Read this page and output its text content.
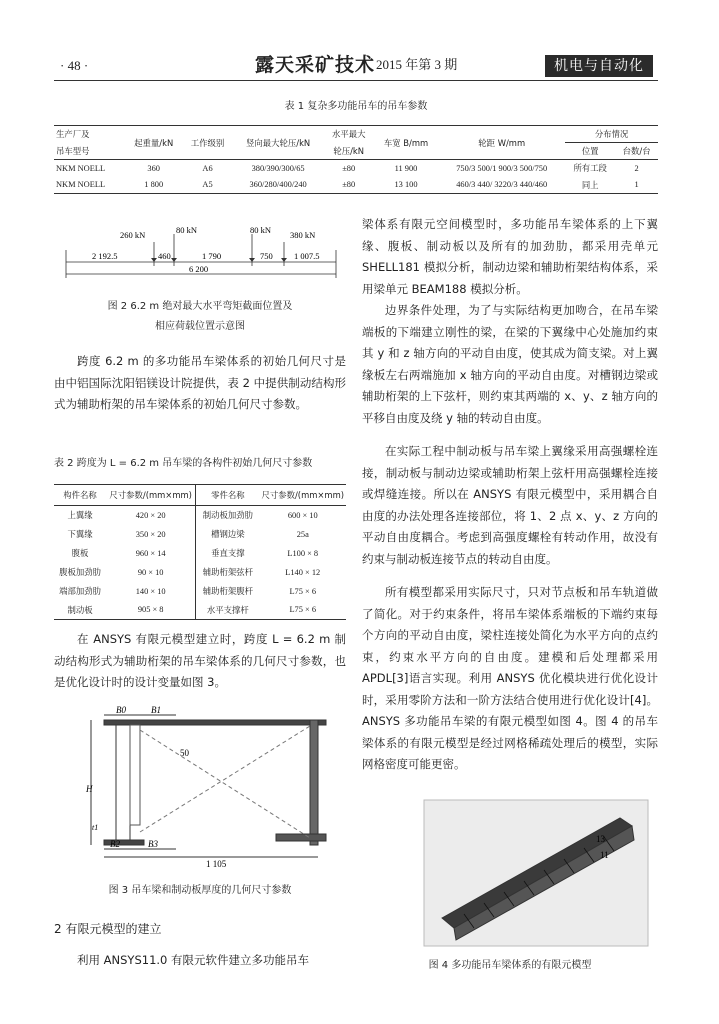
· 48 ·	露天采矿技术 2015 年第 3 期	机电与自动化
表 1 复杂多功能吊车的吊车参数
生产厂及	起重量/kN	工作级别	竖向最大轮压/kN	水平最大	车宽 B/mm	轮距 W/mm	分布情况	
吊车型号				轮压/kN			位置	台数/台
NKM NOELL	360	A6	380/390/300/65	±80	11 900	750/3 500/1 900/3 500/750	所有工段	2
NKM NOELL	1 800	A5	360/280/400/240	±80	13 100	460/3 440/ 3220/3 440/460	同上	1
260 kN	80 kN	80 kN 380 kN
2 192.5	460	1 790	750	1 007.5
6 200
图 2 6.2 m 绝对最大水平弯矩截面位置及
相应荷载位置示意图
跨度 6.2 m 的多功能吊车梁体系的初始几何尺寸是由中铝国际沈阳铝镁设计院提供，表 2 中提供制动结构形式为辅助桁架的吊车梁体系的初始几何尺寸参数。
表 2 跨度为 L = 6.2 m 吊车梁的各构件初始几何尺寸参数
构件名称	尺寸参数/(mm×mm)	零件名称	尺寸参数/(mm×mm)
上翼缘	420 × 20	制动板加劲肋	600 × 10
下翼缘	350 × 20	槽钢边梁	25a
腹板	960 × 14	垂直支撑	L100 × 8
腹板加劲肋	90 × 10	辅助桁架弦杆	L140 × 12
端部加劲肋	140 × 10	辅助桁架腹杆	L75 × 6
制动板	905 × 8	水平支撑杆	L75 × 6
在 ANSYS 有限元模型建立时，跨度 L = 6.2 m 制动结构形式为辅助桁架的吊车梁体系的几何尺寸参数，也是优化设计时的设计变量如图 3。
B0	B1
50
H
t1
B2	B3
1 105
图 3 吊车梁和制动板厚度的几何尺寸参数
2 有限元模型的建立
利用 ANSYS11.0 有限元软件建立多功能吊车
梁体系有限元空间模型时，多功能吊车梁体系的上下翼缘、腹板、制动板以及所有的加劲肋，都采用壳单元 SHELL181 模拟分析，制动边梁和辅助桁架结构体系，采用梁单元 BEAM188 模拟分析。
边界条件处理，为了与实际结构更加吻合，在吊车梁端板的下端建立刚性的梁，在梁的下翼缘中心处施加约束其 y 和 z 轴方向的平动自由度，使其成为简支梁。对上翼缘板左右两端施加 x 轴方向的平动自由度。对槽钢边梁或辅助桁架的上下弦杆，则约束其两端的 x、y、z 轴方向的平移自由度及绕 y 轴的转动自由度。
在实际工程中制动板与吊车梁上翼缘采用高强螺栓连接，制动板与制动边梁或辅助桁架上弦杆用高强螺栓连接或焊缝连接。所以在 ANSYS 有限元模型中，采用耦合自由度的办法处理各连接部位，将 1、2 点 x、y、z 方向的平动自由度耦合。考虑到高强度螺栓有转动作用，故没有约束与制动板连接节点的转动自由度。
所有模型都采用实际尺寸，只对节点板和吊车轨道做了简化。对于约束条件，将吊车梁体系端板的下端约束每个方向的平动自由度，梁柱连接处简化为水平方向的点约束，约束水平方向的自由度。建模和后处理都采用 APDL[3]语言实现。利用 ANSYS 优化模块进行优化设计时，采用零阶方法和一阶方法结合使用进行优化设计[4]。ANSYS 多功能吊车梁的有限元模型如图 4。图 4 的吊车梁体系的有限元模型是经过网格稀疏处理后的模型，实际网格密度可能更密。
13
11
图 4 多功能吊车梁体系的有限元模型
